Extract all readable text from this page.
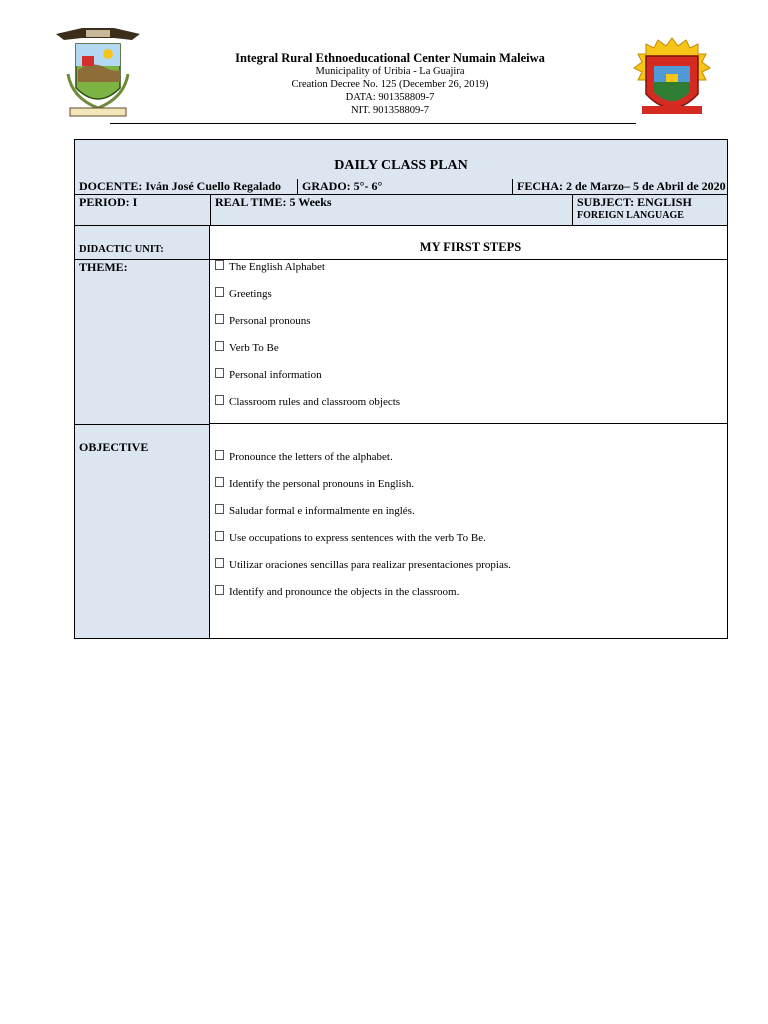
Integral Rural Ethnoeducational Center Numain Maleiwa
Municipality of Uribia - La Guajira
Creation Decree No. 125 (December 26, 2019)
DATA: 901358809-7
NIT. 901358809-7
DAILY CLASS PLAN
DOCENTE: Iván José Cuello Regalado	GRADO: 5°- 6°	FECHA: 2 de Marzo– 5 de Abril de 2020
PERIOD: I	REAL TIME: 5 Weeks	SUBJECT: ENGLISH
FOREIGN LANGUAGE
DIDACTIC UNIT:	MY FIRST STEPS
THEME:	The English Alphabet
Greetings
Personal pronouns
Verb To Be
Personal information
Classroom rules and classroom objects
OBJECTIVE
Pronounce the letters of the alphabet.
Identify the personal pronouns in English.
Saludar formal e informalmente en inglés.
Use occupations to express sentences with the verb To Be.
Utilizar oraciones sencillas para realizar presentaciones propias.
Identify and pronounce the objects in the classroom.
